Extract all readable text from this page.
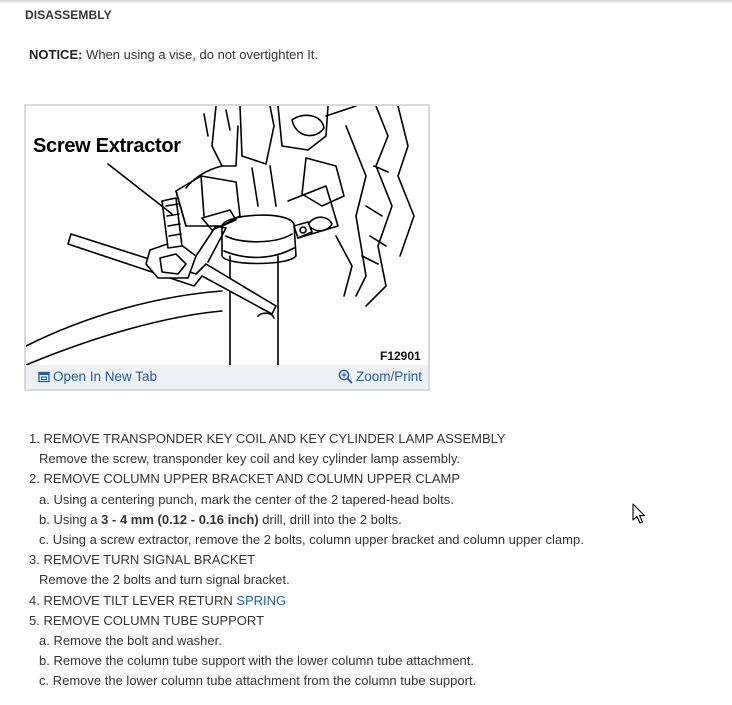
DISASSEMBLY
NOTICE: When using a vise, do not overtighten It.
Screw Extractor
F12901
Open In New Tab	Zoom/Print
1. REMOVE TRANSPONDER KEY COIL AND KEY CYLINDER LAMP ASSEMBLY
Remove the screw, transponder key coil and key cylinder lamp assembly.
2. REMOVE COLUMN UPPER BRACKET AND COLUMN UPPER CLAMP
a. Using a centering punch, mark the center of the 2 tapered-head bolts.
b. Using a 3 - 4 mm (0.12 - 0.16 inch) drill, drill into the 2 bolts.
c. Using a screw extractor, remove the 2 bolts, column upper bracket and column upper clamp.
3. REMOVE TURN SIGNAL BRACKET
Remove the 2 bolts and turn signal bracket.
4. REMOVE TILT LEVER RETURN SPRING
5. REMOVE COLUMN TUBE SUPPORT
a. Remove the bolt and washer.
b. Remove the column tube support with the lower column tube attachment.
c. Remove the lower column tube attachment from the column tube support.
